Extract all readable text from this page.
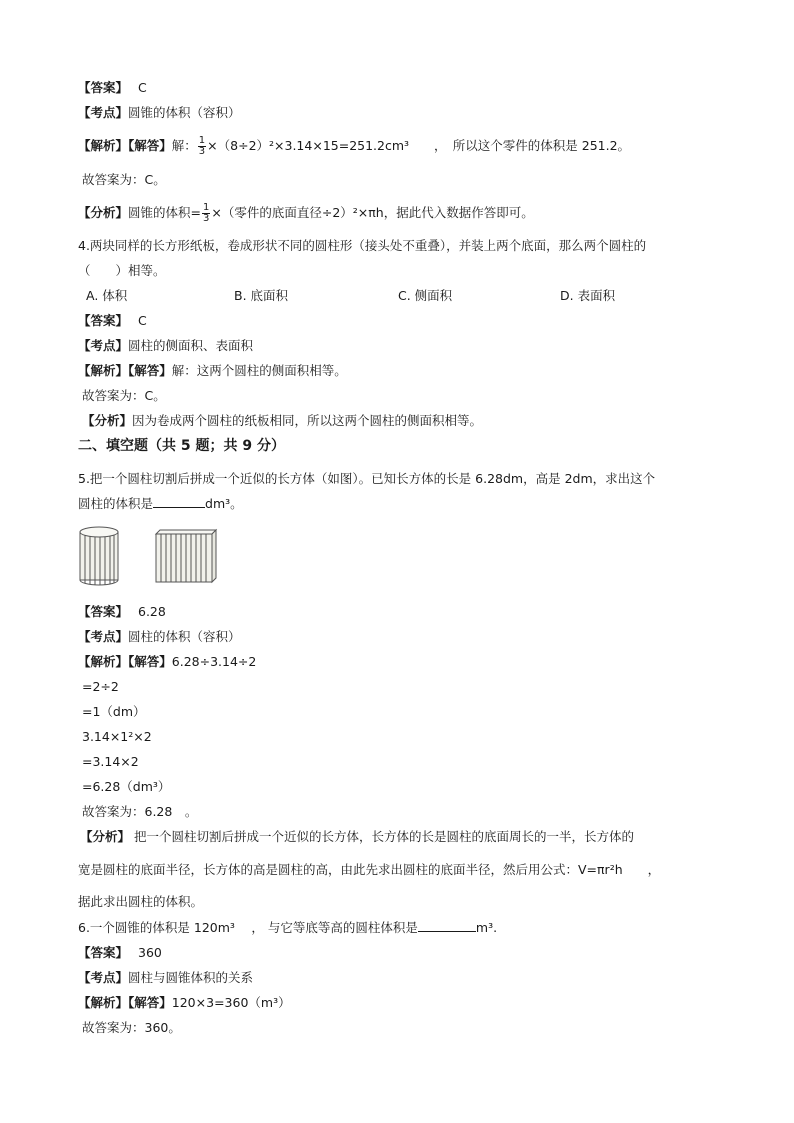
【答案】 C
【考点】圆锥的体积（容积）
【解析】【解答】解： $\frac{1}{3} \times(8\div 2)^2\times 3.14\times 15=251.2cm^3$　　，　所以这个零件的体积是 251.2。
故答案为：C。
【分析】圆锥的体积= $\frac{1}{3}$ ×（零件的底面直径÷2）²×πh，据此代入数据作答即可。
4.两块同样的长方形纸板，卷成形状不同的圆柱形（接头处不重叠），并装上两个底面，那么两个圆柱的
（　　）相等。
A. 体积	B. 底面积	C. 侧面积	D. 表面积
【答案】 C
【考点】圆柱的侧面积、表面积
【解析】【解答】解：这两个圆柱的侧面积相等。
故答案为：C。
【分析】因为卷成两个圆柱的纸板相同，所以这两个圆柱的侧面积相等。
二、填空题（共 5 题；共 9 分）
5.把一个圆柱切割后拼成一个近似的长方体（如图）。已知长方体的长是 6.28dm，高是 2dm，求出这个
圆柱的体积是	dm³。
【答案】 6.28
【考点】圆柱的体积（容积）
【解析】【解答】6.28÷3.14÷2
=2÷2
=1（dm）
3.14×1²×2
=3.14×2
=6.28（dm³）
故答案为：6.28　。
【分析】 把一个圆柱切割后拼成一个近似的长方体，长方体的长是圆柱的底面周长的一半，长方体的
宽是圆柱的底面半径，长方体的高是圆柱的高，由此先求出圆柱的底面半径，然后用公式：V=πr²h　　，
据此求出圆柱的体积。
6.一个圆锥的体积是 120m³　 ， 与它等底等高的圆柱体积是	m³.
【答案】 360
【考点】圆柱与圆锥体积的关系
【解析】【解答】120×3=360（m³）
故答案为：360。
